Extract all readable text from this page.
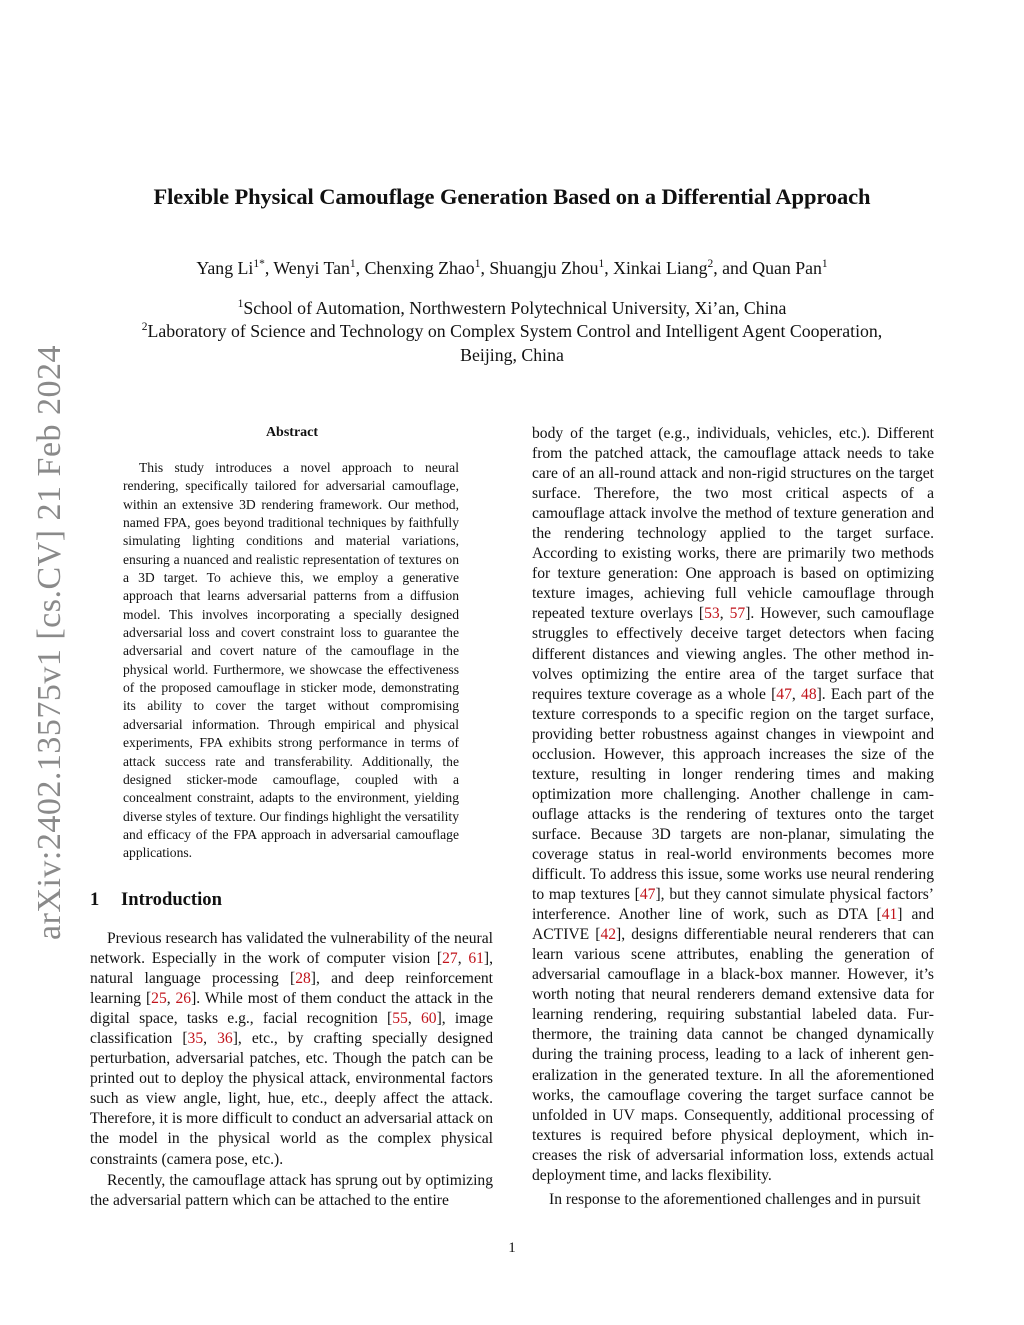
arXiv:2402.13575v1 [cs.CV] 21 Feb 2024
Flexible Physical Camouflage Generation Based on a Differential Approach
Yang $Li^{1*}$, Wenyi Tan$^1$, Chenxing Zhao$^1$, Shuangju Zhou$^1$, Xinkai Liang$^2$, and Quan Pan$^1$
$^1$School of Automation, Northwestern Polytechnical University, Xi’an, China
$^2$Laboratory of Science and Technology on Complex System Control and Intelligent Agent Cooperation,
Beijing, China
Abstract

This study introduces a novel approach to neural rendering, specifically tailored for adversarial camouflage, within an extensive 3D rendering framework. Our method, named FPA, goes beyond traditional techniques by faithfully simulating lighting conditions and material variations, ensuring a nuanced and realistic representation of textures on a 3D target. To achieve this, we employ a generative approach that learns adversarial patterns from a diffusion model. This involves incorporating a specially designed adversarial loss and covert constraint loss to guarantee the adversarial and covert nature of the camouflage in the physical world. Furthermore, we showcase the effectiveness of the proposed camouflage in sticker mode, demonstrating its ability to cover the target without compromising adversarial information. Through empirical and physical experiments, FPA exhibits strong performance in terms of attack success rate and transferability. Additionally, the designed sticker-mode camouflage, coupled with a concealment constraint, adapts to the environment, yielding diverse styles of texture. Our findings highlight the versatility and efficacy of the FPA approach in adversarial camouflage applications.

1 Introduction

Previous research has validated the vulnerability of the neural network. Especially in the work of computer vision [27, 61], natural language processing [28], and deep reinforcement learning [25, 26]. While most of them conduct the attack in the digital space, tasks e.g., facial recognition [55, 60], image classification [35, 36], etc., by crafting specially designed perturbation, adversarial patches, etc. Though the patch can be printed out to deploy the physical attack, environmental factors such as view angle, light, hue, etc., deeply affect the attack. Therefore, it is more difficult to conduct an adversarial attack on the model in the physical world as the complex physical constraints (camera pose, etc.).

Recently, the camouflage attack has sprung out by optimizing the adversarial pattern which can be attached to the entire

body of the target (e.g., individuals, vehicles, etc.). Different from the patched attack, the camouflage attack needs to take care of an all-round attack and non-rigid structures on the target surface. Therefore, the two most critical aspects of a camouflage attack involve the method of texture generation and the rendering technology applied to the target surface. According to existing works, there are primarily two methods for texture generation: One approach is based on optimizing texture images, achieving full vehicle camouflage through repeated texture overlays [53, 57]. However, such camouflage struggles to effectively deceive target detectors when facing different distances and viewing angles. The other method involves optimizing the entire area of the target surface that requires texture coverage as a whole [47, 48]. Each part of the texture corresponds to a specific region on the target surface, providing better robustness against changes in viewpoint and occlusion. However, this approach increases the size of the texture, resulting in longer rendering times and making optimization more challenging. Another challenge in camouflage attacks is the rendering of textures onto the target surface. Because 3D targets are non-planar, simulating the coverage status in real-world environments becomes more difficult. To address this issue, some works use neural rendering to map textures [47], but they cannot simulate physical factors’ interference. Another line of work, such as DTA [41] and ACTIVE [42], designs differentiable neural renderers that can learn various scene attributes, enabling the generation of adversarial camouflage in a black-box manner. However, it’s worth noting that neural renderers demand extensive data for learning rendering, requiring substantial labeled data. Furthermore, the training data cannot be changed dynamically during the training process, leading to a lack of inherent generalization in the generated texture. In all the aforementioned works, the camouflage covering the target surface cannot be unfolded in UV maps. Consequently, additional processing of textures is required before physical deployment, which increases the risk of adversarial information loss, extends actual deployment time, and lacks flexibility.

In response to the aforementioned challenges and in pursuit

1
